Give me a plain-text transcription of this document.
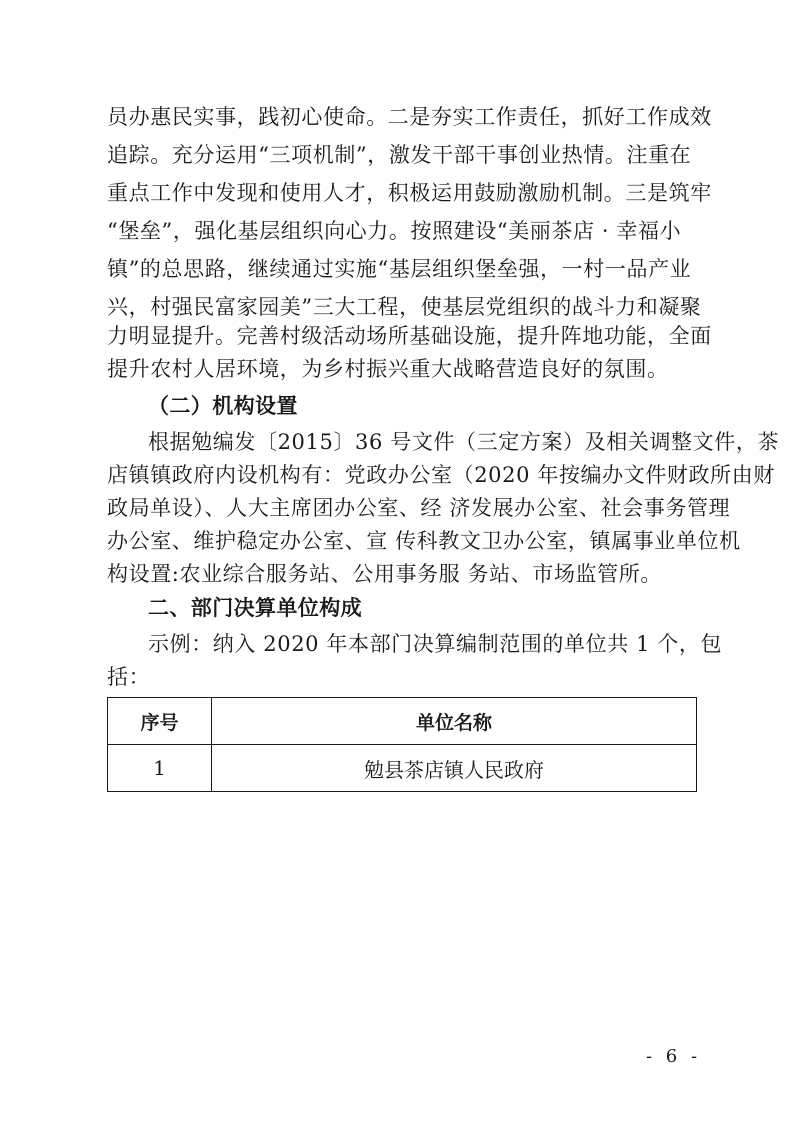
员办惠民实事，践初心使命。二是夯实工作责任，抓好工作成效
追踪。充分运用“三项机制”，激发干部干事创业热情。注重在
重点工作中发现和使用人才，积极运用鼓励激励机制。三是筑牢
“堡垒”，强化基层组织向心力。按照建设“美丽茶店 · 幸福小
镇”的总思路，继续通过实施“基层组织堡垒强，一村一品产业
兴，村强民富家园美”三大工程，使基层党组织的战斗力和凝聚
力明显提升。完善村级活动场所基础设施，提升阵地功能，全面
提升农村人居环境，为乡村振兴重大战略营造良好的氛围。
（二）机构设置
根据勉编发〔2015〕36 号文件（三定方案）及相关调整文件，茶
店镇镇政府内设机构有：党政办公室（2020 年按编办文件财政所由财
政局单设）、人大主席团办公室、经 济发展办公室、社会事务管理
办公室、维护稳定办公室、宣 传科教文卫办公室，镇属事业单位机
构设置:农业综合服务站、公用事务服 务站、市场监管所。
二、部门决算单位构成
示例：纳入 2020 年本部门决算编制范围的单位共 1 个，包
序号	单位名称
1	勉县茶店镇人民政府
- 6 -
括：
